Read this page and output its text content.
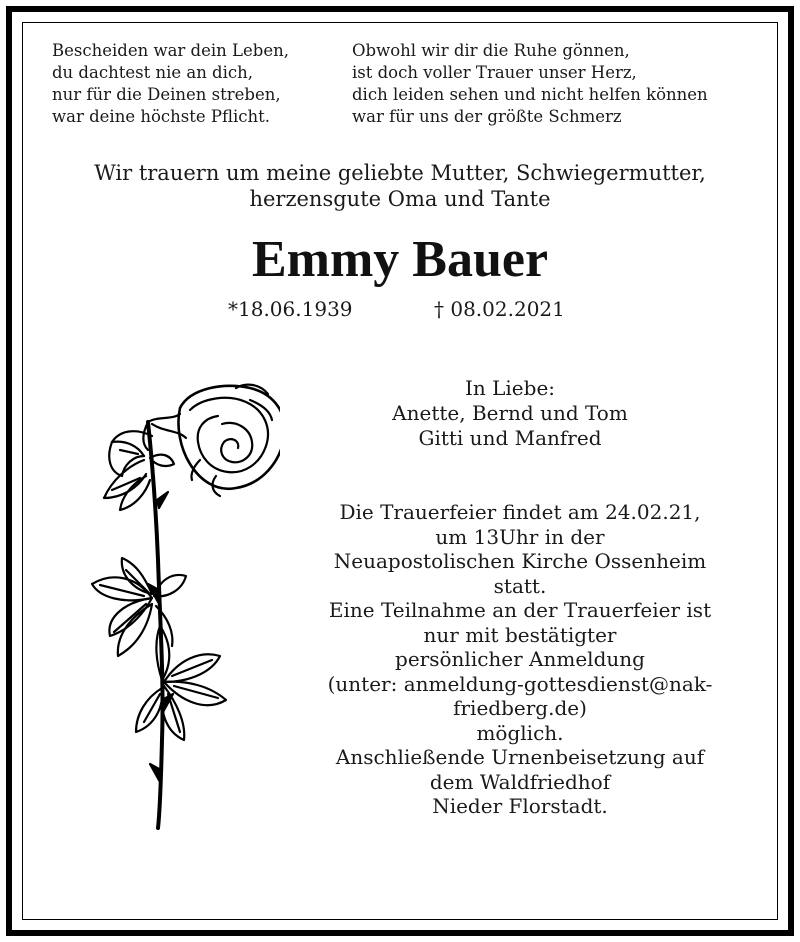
Bescheiden war dein Leben,
du dachtest nie an dich,
nur für die Deinen streben,
war deine höchste Pflicht.
Obwohl wir dir die Ruhe gönnen,
ist doch voller Trauer unser Herz,
dich leiden sehen und nicht helfen können
war für uns der größte Schmerz
Wir trauern um meine geliebte Mutter, Schwiegermutter,
herzensgute Oma und Tante
Emmy Bauer
*18.06.1939	† 08.02.2021
In Liebe:
Anette, Bernd und Tom
Gitti und Manfred
Die Trauerfeier findet am 24.02.21,
um 13Uhr in der
Neuapostolischen Kirche Ossenheim
statt.
Eine Teilnahme an der Trauerfeier ist
nur mit bestätigter
persönlicher Anmeldung
(unter: anmeldung-gottesdienst@nak-
friedberg.de)
möglich.
Anschließende Urnenbeisetzung auf
dem Waldfriedhof
Nieder Florstadt.
